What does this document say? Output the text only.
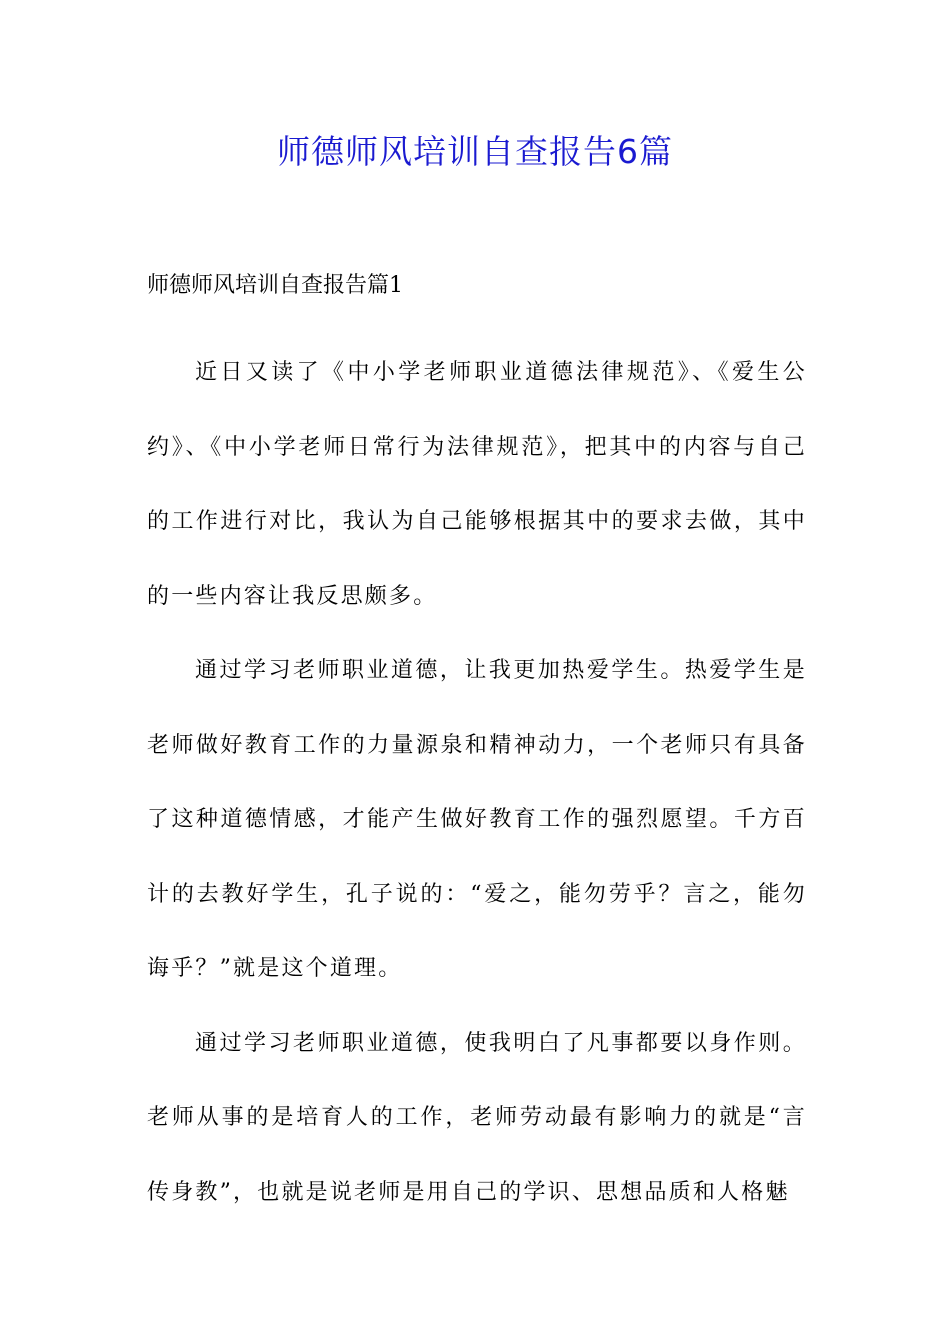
师德师风培训自查报告6篇
师德师风培训自查报告篇1

近日又读了《中小学老师职业道德法律规范》、《爱生公约》、《中小学老师日常行为法律规范》，把其中的内容与自己的工作进行对比，我认为自己能够根据其中的要求去做，其中的一些内容让我反思颇多。

通过学习老师职业道德，让我更加热爱学生。热爱学生是老师做好教育工作的力量源泉和精神动力，一个老师只有具备了这种道德情感，才能产生做好教育工作的强烈愿望。千方百计的去教好学生，孔子说的：“爱之，能勿劳乎？言之，能勿诲乎？”就是这个道理。

通过学习老师职业道德，使我明白了凡事都要以身作则。老师从事的是培育人的工作，老师劳动最有影响力的就是“言传身教”，也就是说老师是用自己的学识、思想品质和人格魅
